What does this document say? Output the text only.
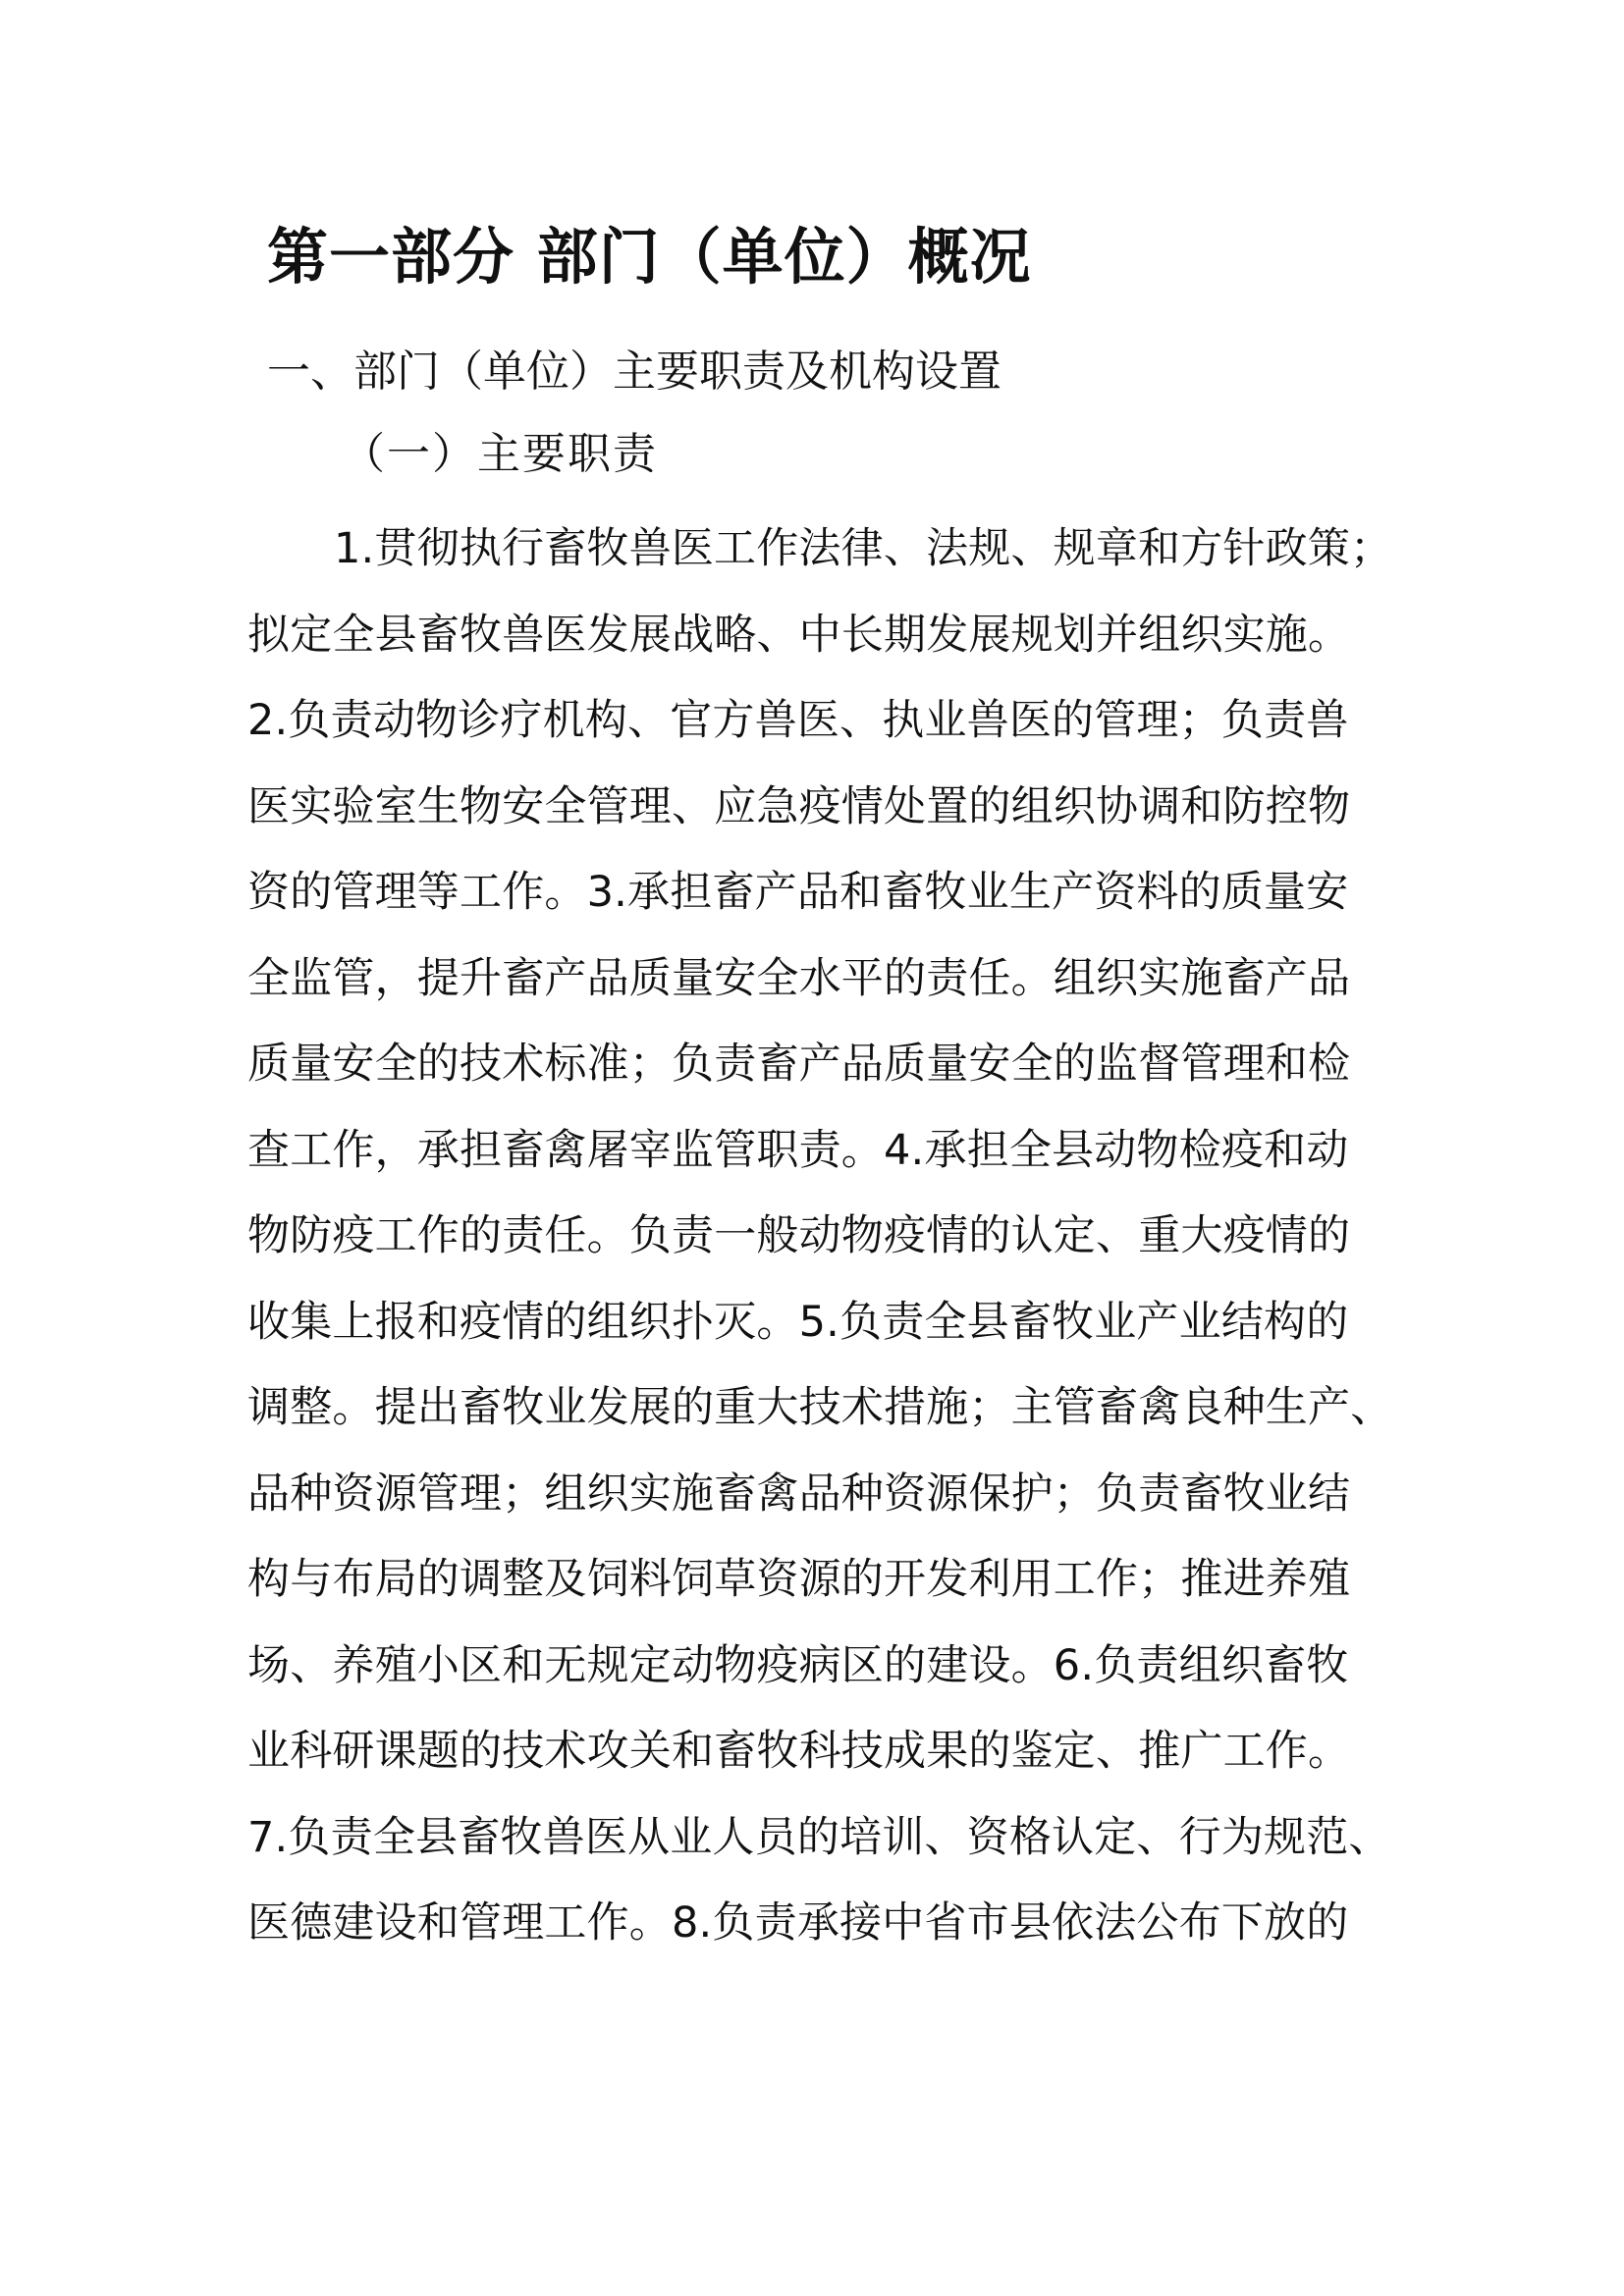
第一部分 部门（单位）概况
一、部门（单位）主要职责及机构设置
（一）主要职责
1.贯彻执行畜牧兽医工作法律、法规、规章和方针政策；
拟定全县畜牧兽医发展战略、中长期发展规划并组织实施。
2.负责动物诊疗机构、官方兽医、执业兽医的管理；负责兽
医实验室生物安全管理、应急疫情处置的组织协调和防控物
资的管理等工作。3.承担畜产品和畜牧业生产资料的质量安
全监管，提升畜产品质量安全水平的责任。组织实施畜产品
质量安全的技术标准；负责畜产品质量安全的监督管理和检
查工作，承担畜禽屠宰监管职责。4.承担全县动物检疫和动
物防疫工作的责任。负责一般动物疫情的认定、重大疫情的
收集上报和疫情的组织扑灭。5.负责全县畜牧业产业结构的
调整。提出畜牧业发展的重大技术措施；主管畜禽良种生产、
品种资源管理；组织实施畜禽品种资源保护；负责畜牧业结
构与布局的调整及饲料饲草资源的开发利用工作；推进养殖
场、养殖小区和无规定动物疫病区的建设。6.负责组织畜牧
业科研课题的技术攻关和畜牧科技成果的鉴定、推广工作。
7.负责全县畜牧兽医从业人员的培训、资格认定、行为规范、
医德建设和管理工作。8.负责承接中省市县依法公布下放的
